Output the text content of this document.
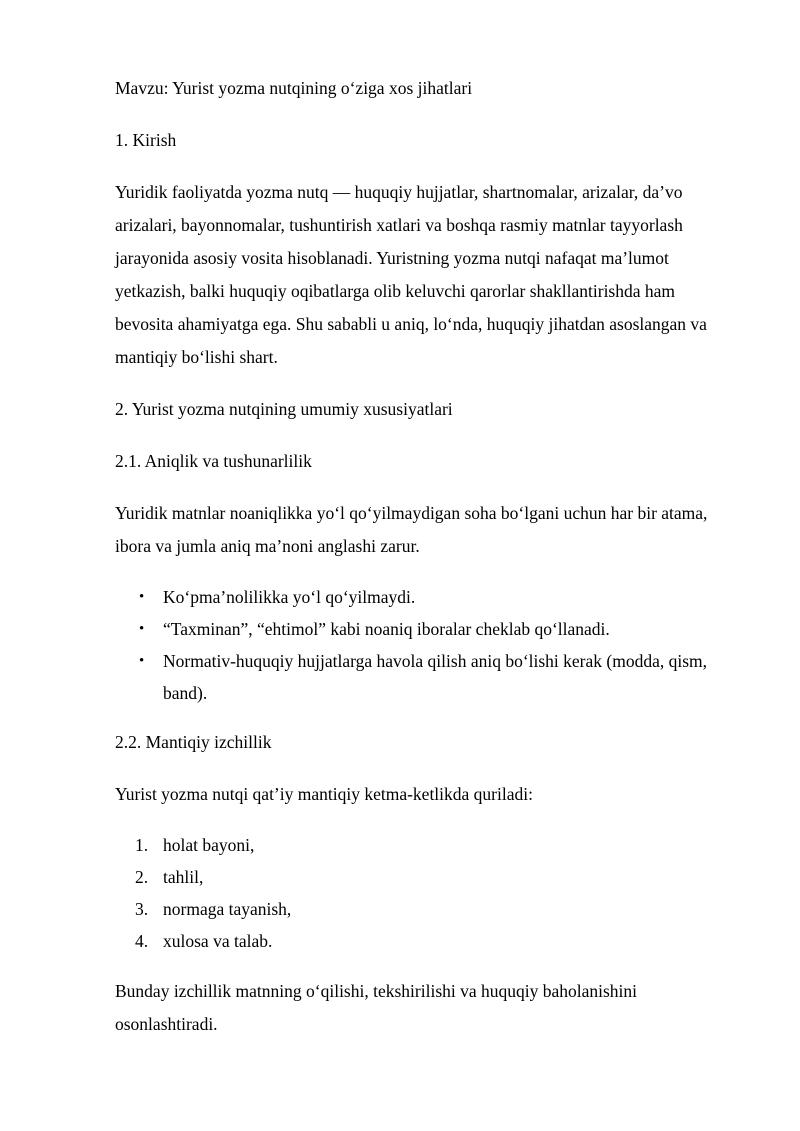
Mavzu: Yurist yozma nutqining o‘ziga xos jihatlari

1. Kirish

Yuridik faoliyatda yozma nutq — huquqiy hujjatlar, shartnomalar, arizalar, da’vo arizalari, bayonnomalar, tushuntirish xatlari va boshqa rasmiy matnlar tayyorlash jarayonida asosiy vosita hisoblanadi. Yuristning yozma nutqi nafaqat ma’lumot yetkazish, balki huquqiy oqibatlarga olib keluvchi qarorlar shakllantirishda ham bevosita ahamiyatga ega. Shu sababli u aniq, lo‘nda, huquqiy jihatdan asoslangan va mantiqiy bo‘lishi shart.

2. Yurist yozma nutqining umumiy xususiyatlari

2.1. Aniqlik va tushunarlilik

Yuridik matnlar noaniqlikka yo‘l qo‘yilmaydigan soha bo‘lgani uchun har bir atama, ibora va jumla aniq ma’noni anglashi zarur.

• Ko‘pma’nolilikka yo‘l qo‘yilmaydi.
• “Taxminan”, “ehtimol” kabi noaniq iboralar cheklab qo‘llanadi.
• Normativ-huquqiy hujjatlarga havola qilish aniq bo‘lishi kerak (modda, qism, band).

2.2. Mantiqiy izchillik

Yurist yozma nutqi qat’iy mantiqiy ketma-ketlikda quriladi:

1. holat bayoni,
2. tahlil,
3. normaga tayanish,
4. xulosa va talab.

Bunday izchillik matnning o‘qilishi, tekshirilishi va huquqiy baholanishini osonlashtiradi.
